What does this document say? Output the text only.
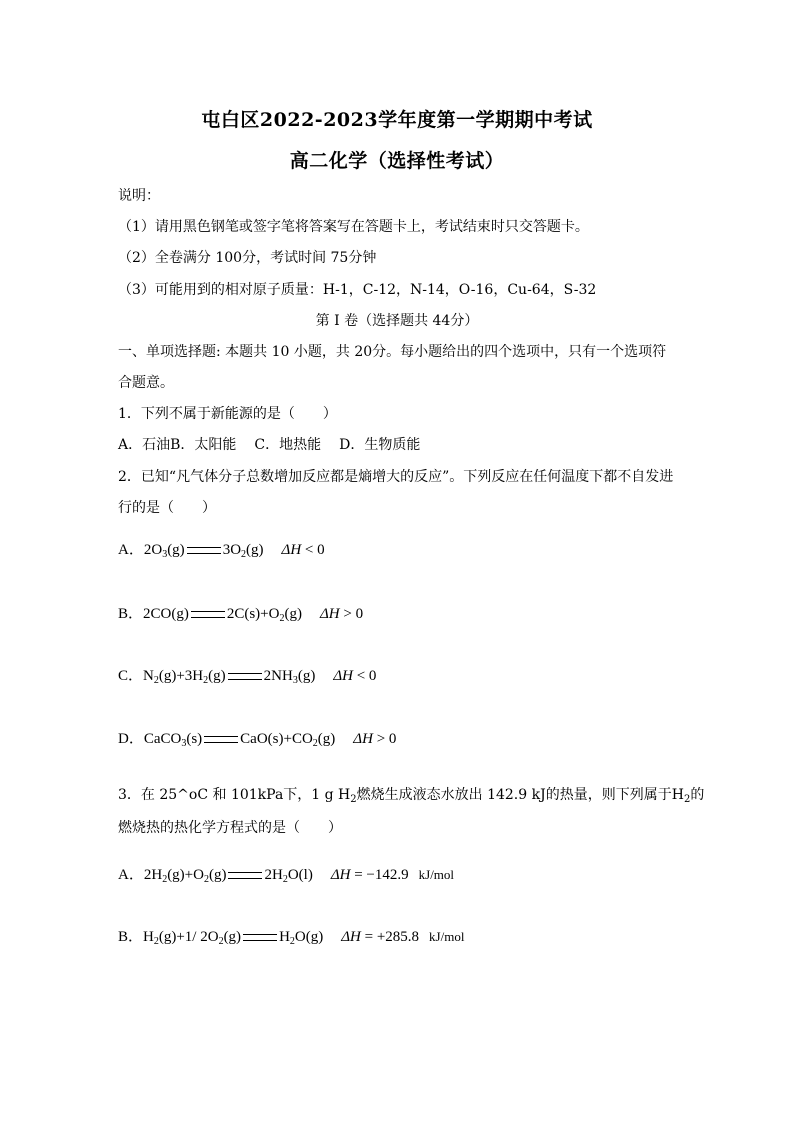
屯白区2022-2023学年度第一学期期中考试
高二化学（选择性考试）
说明：
（1）请用黑色钢笔或签字笔将答案写在答题卡上，考试结束时只交答题卡。
（2）全卷满分 100分，考试时间 75分钟
（3）可能用到的相对原子质量：H-1，C-12，N-14，O-16，Cu-64，S-32
第 I 卷（选择题共 44分）
一、单项选择题: 本题共 10 小题，共 20分。每小题给出的四个选项中，只有一个选项符合题意。
1．下列不属于新能源的是（　　）
A．石油B．太阳能 C．地热能 D．生物质能
2．已知“凡气体分子总数增加反应都是熵增大的反应”。下列反应在任何温度下都不自发进行的是（　　）
A．$2O_3(g)$	$3O_2(g) \Delta H < 0$
B．2CO(g)	$2C(s)+O_2(g) \Delta H > 0$
C．$N_2(g)+3H_2(g)$	$2NH_3(g) \Delta H < 0$
D．CaCO$_3$(s)	$CaO(s)+CO_2(g) \Delta H > 0$
3．在 25^oC 和 101kPa下，1 g $H_2$燃烧生成液态水放出 142.9 kJ的热量，则下列属于$H_2$的
燃烧热的热化学方程式的是（　　）
A．$2H_2(g)+O_2(g)$	$2H_2O(l) \Delta H = -142.9$ kJ/mol
B．$H_2(g)+1/$ $2O_2(g)$	$H_2O(g) \Delta H = +285.8$ kJ/mol
